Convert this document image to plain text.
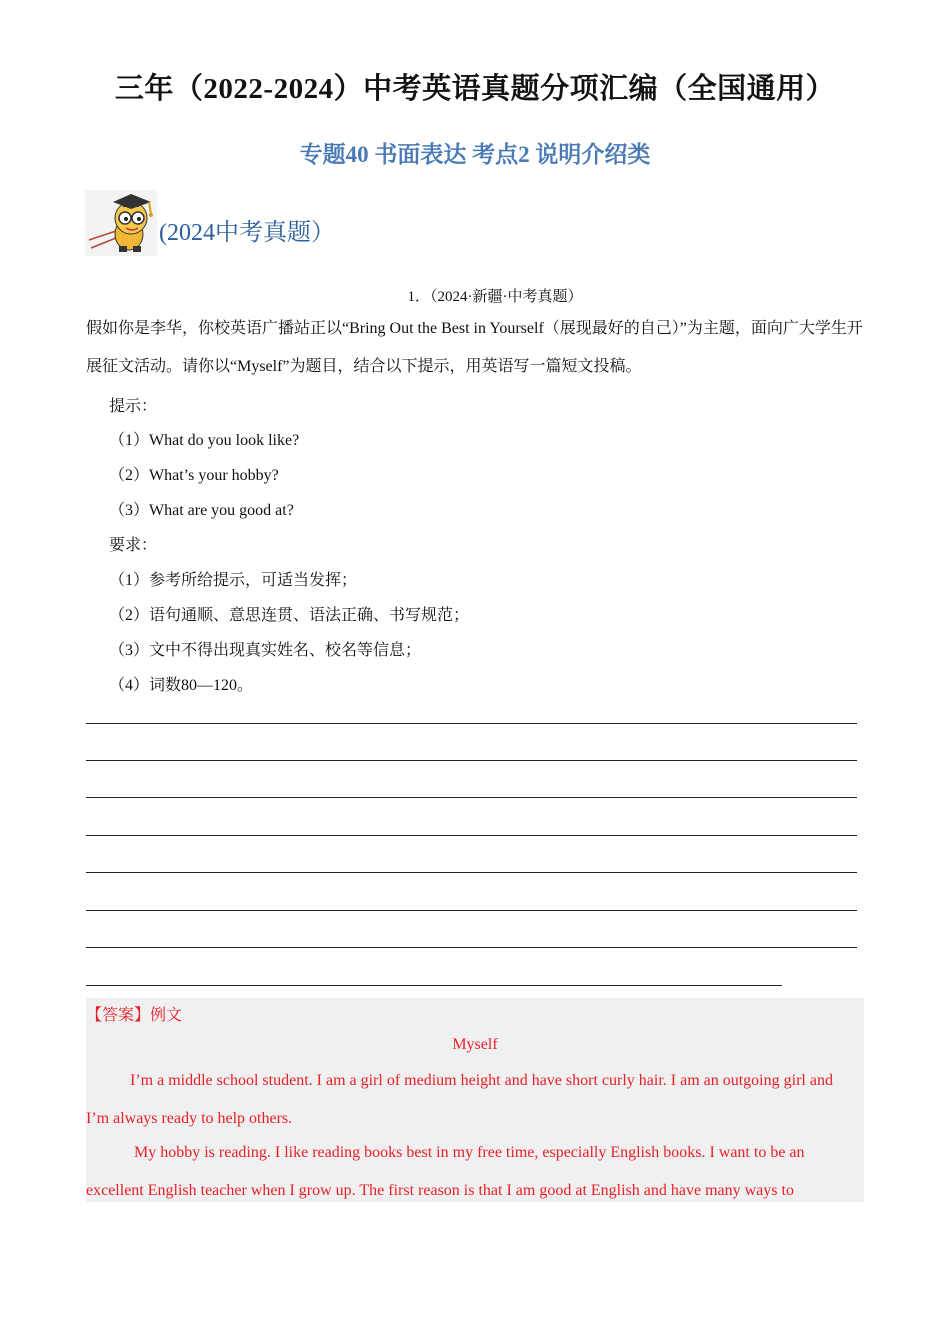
三年（2022-2024）中考英语真题分项汇编（全国通用）
专题40 书面表达 考点2 说明介绍类
(2024中考真题）
1．（2024·新疆·中考真题）
假如你是李华，你校英语广播站正以“Bring Out the Best in Yourself（展现最好的自己）”为主题，面向广大学生开展征文活动。请你以“Myself”为题目，结合以下提示，用英语写一篇短文投稿。
提示：
（1）What do you look like?
（2）What’s your hobby?
（3）What are you good at?
要求：
（1）参考所给提示，可适当发挥；
（2）语句通顺、意思连贯、语法正确、书写规范；
（3）文中不得出现真实姓名、校名等信息；
（4）词数80—120。
【答案】例文
Myself
I’m a middle school student. I am a girl of medium height and have short curly hair. I am an outgoing girl and I’m always ready to help others.
My hobby is reading. I like reading books best in my free time, especially English books. I want to be an excellent English teacher when I grow up. The first reason is that I am good at English and have many ways to
